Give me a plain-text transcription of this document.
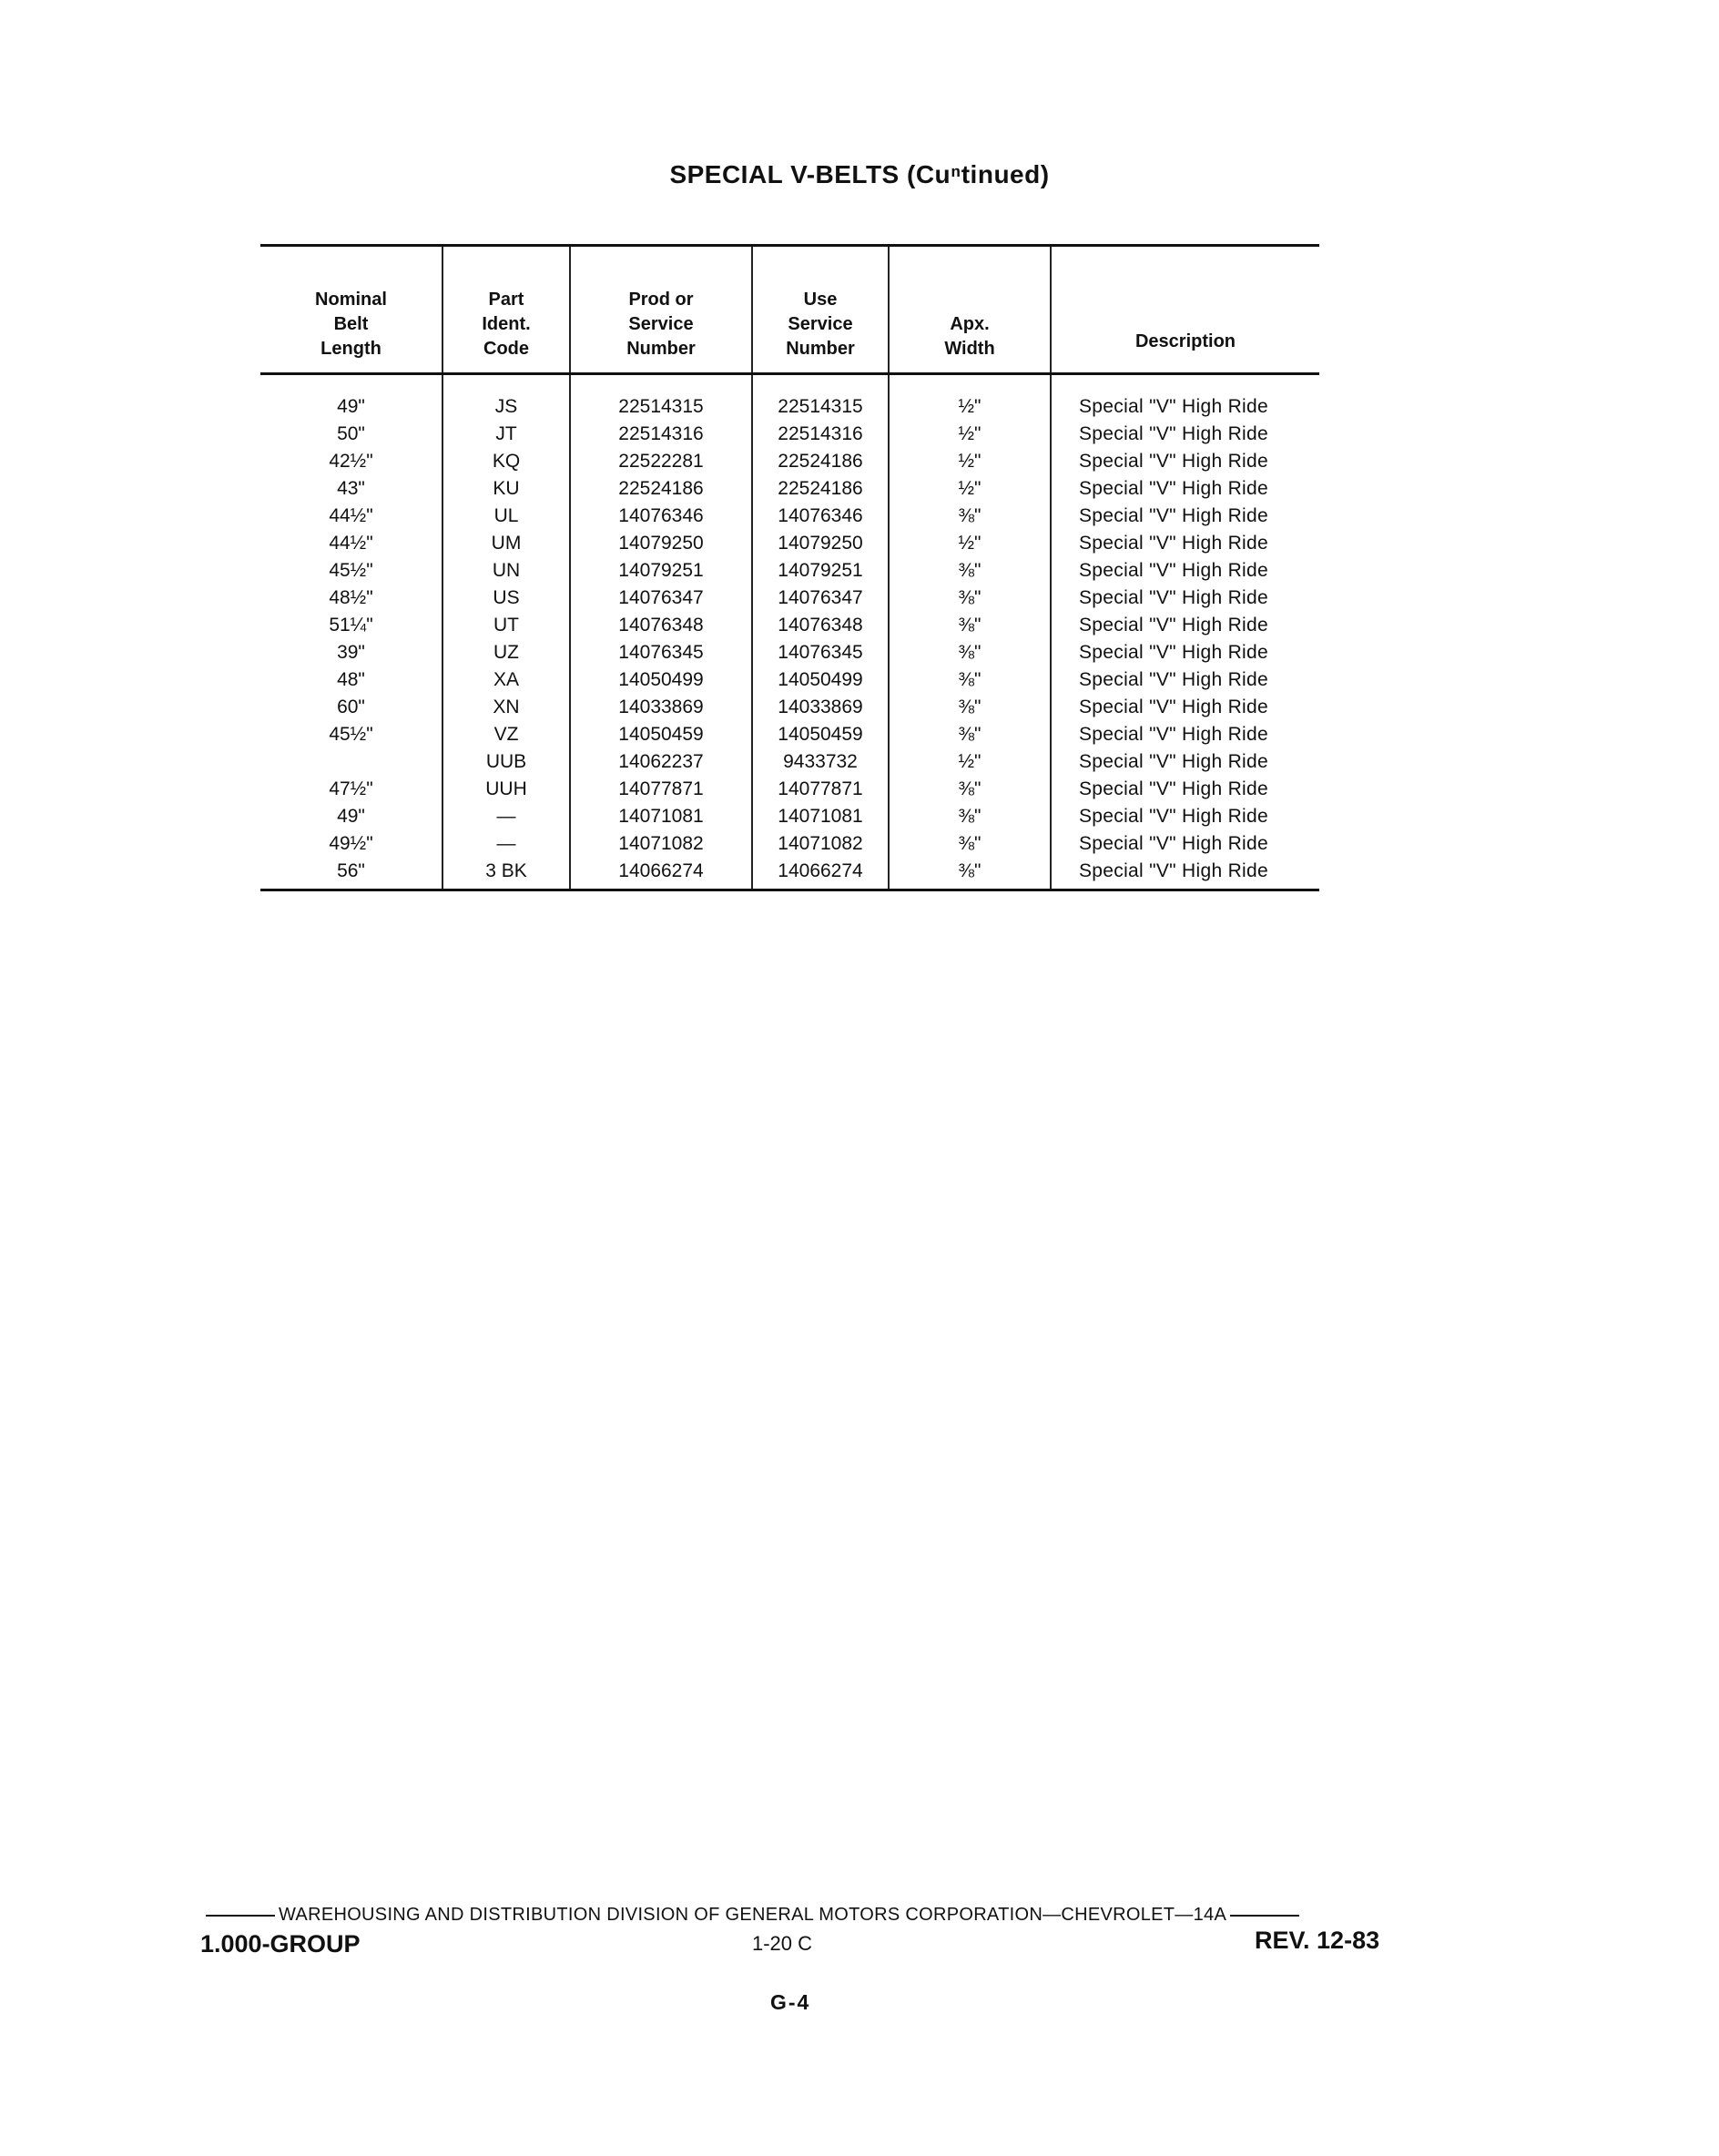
SPECIAL V-BELTS (Cuⁿtinued)
Nominal
Belt
Length	Part
Ident.
Code	Prod or
Service
Number	Use
Service
Number	Apx.
Width	Description
49"	JS	22514315	22514315	½"	Special "V" High Ride
50"	JT	22514316	22514316	½"	Special "V" High Ride
42½"	KQ	22522281	22524186	½"	Special "V" High Ride
43"	KU	22524186	22524186	½"	Special "V" High Ride
44½"	UL	14076346	14076346	⅜"	Special "V" High Ride
44½"	UM	14079250	14079250	½"	Special "V" High Ride
45½"	UN	14079251	14079251	⅜"	Special "V" High Ride
48½"	US	14076347	14076347	⅜"	Special "V" High Ride
51¼"	UT	14076348	14076348	⅜"	Special "V" High Ride
39"	UZ	14076345	14076345	⅜"	Special "V" High Ride
48"	XA	14050499	14050499	⅜"	Special "V" High Ride
60"	XN	14033869	14033869	⅜"	Special "V" High Ride
45½"	VZ	14050459	14050459	⅜"	Special "V" High Ride
	UUB	14062237	9433732	½"	Special "V" High Ride
47½"	UUH	14077871	14077871	⅜"	Special "V" High Ride
49"	—	14071081	14071081	⅜"	Special "V" High Ride
49½"	—	14071082	14071082	⅜"	Special "V" High Ride
56"	3 BK	14066274	14066274	⅜"	Special "V" High Ride
WAREHOUSING AND DISTRIBUTION DIVISION OF GENERAL MOTORS CORPORATION—CHEVROLET—14A
1.000-GROUP	1-20 C	REV. 12-83
G-4
